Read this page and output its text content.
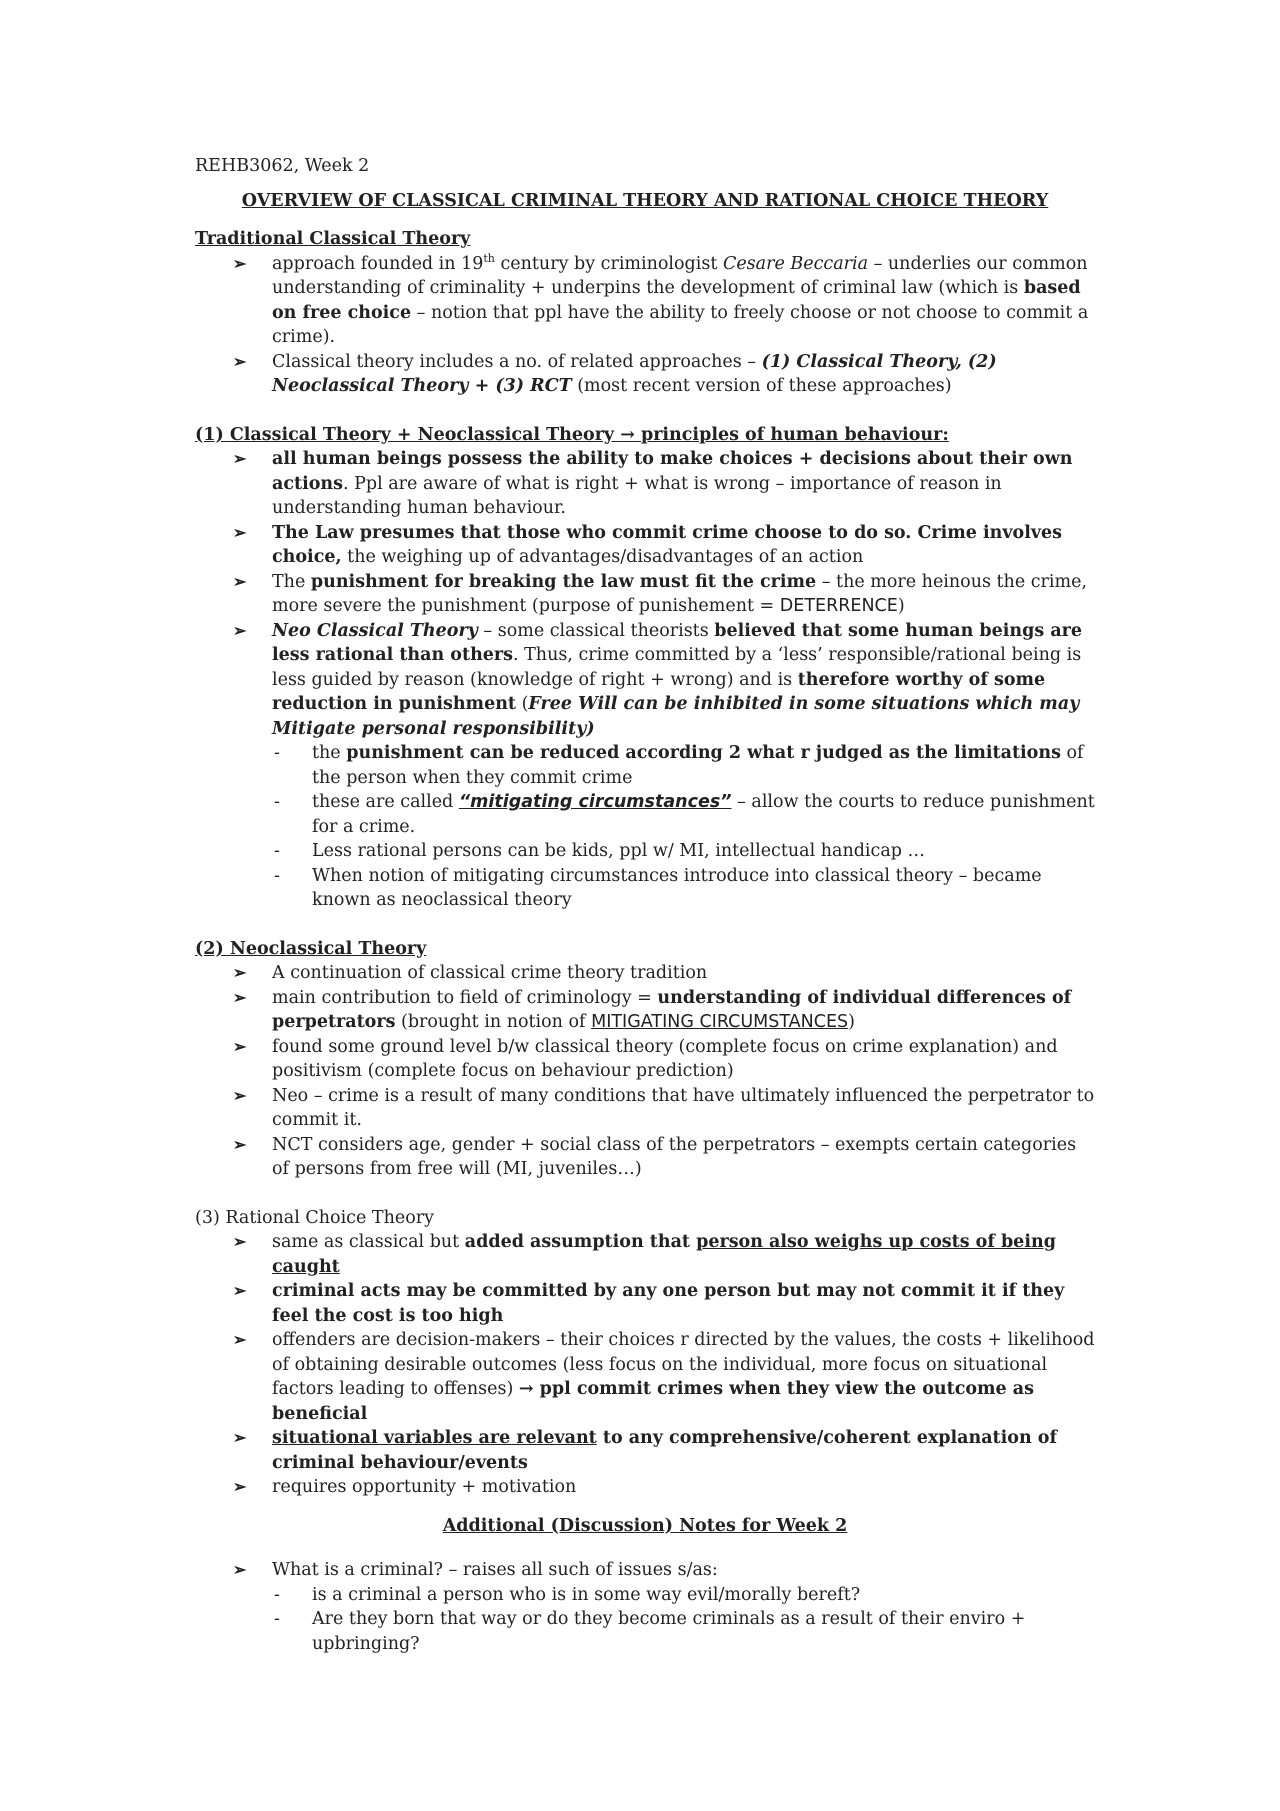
REHB3062, Week 2

OVERVIEW OF CLASSICAL CRIMINAL THEORY AND RATIONAL CHOICE THEORY

Traditional Classical Theory

➢ approach founded in 19th century by criminologist Cesare Beccaria – underlies our common understanding of criminality + underpins the development of criminal law (which is based on free choice – notion that ppl have the ability to freely choose or not choose to commit a crime).
➢ Classical theory includes a no. of related approaches – (1) Classical Theory, (2) Neoclassical Theory + (3) RCT (most recent version of these approaches)

(1) Classical Theory + Neoclassical Theory → principles of human behaviour:

➢ all human beings possess the ability to make choices + decisions about their own actions. Ppl are aware of what is right + what is wrong – importance of reason in understanding human behaviour.
➢ The Law presumes that those who commit crime choose to do so. Crime involves choice, the weighing up of advantages/disadvantages of an action
➢ The punishment for breaking the law must fit the crime – the more heinous the crime, more severe the punishment (purpose of punishement = DETERRENCE)
➢ Neo Classical Theory – some classical theorists believed that some human beings are less rational than others. Thus, crime committed by a ‘less’ responsible/rational being is less guided by reason (knowledge of right + wrong) and is therefore worthy of some reduction in punishment (Free Will can be inhibited in some situations which may Mitigate personal responsibility)
- the punishment can be reduced according 2 what r judged as the limitations of the person when they commit crime
- these are called “mitigating circumstances” – allow the courts to reduce punishment for a crime.
- Less rational persons can be kids, ppl w/ MI, intellectual handicap …
- When notion of mitigating circumstances introduce into classical theory – became known as neoclassical theory

(2) Neoclassical Theory

➢ A continuation of classical crime theory tradition
➢ main contribution to field of criminology = understanding of individual differences of perpetrators (brought in notion of MITIGATING CIRCUMSTANCES)
➢ found some ground level b/w classical theory (complete focus on crime explanation) and positivism (complete focus on behaviour prediction)
➢ Neo – crime is a result of many conditions that have ultimately influenced the perpetrator to commit it.
➢ NCT considers age, gender + social class of the perpetrators – exempts certain categories of persons from free will (MI, juveniles…)

(3) Rational Choice Theory

➢ same as classical but added assumption that person also weighs up costs of being caught
➢ criminal acts may be committed by any one person but may not commit it if they feel the cost is too high
➢ offenders are decision-makers – their choices r directed by the values, the costs + likelihood of obtaining desirable outcomes (less focus on the individual, more focus on situational factors leading to offenses) → ppl commit crimes when they view the outcome as beneficial
➢ situational variables are relevant to any comprehensive/coherent explanation of criminal behaviour/events
➢ requires opportunity + motivation

Additional (Discussion) Notes for Week 2

➢ What is a criminal? – raises all such of issues s/as:
- is a criminal a person who is in some way evil/morally bereft?
- Are they born that way or do they become criminals as a result of their enviro + upbringing?
